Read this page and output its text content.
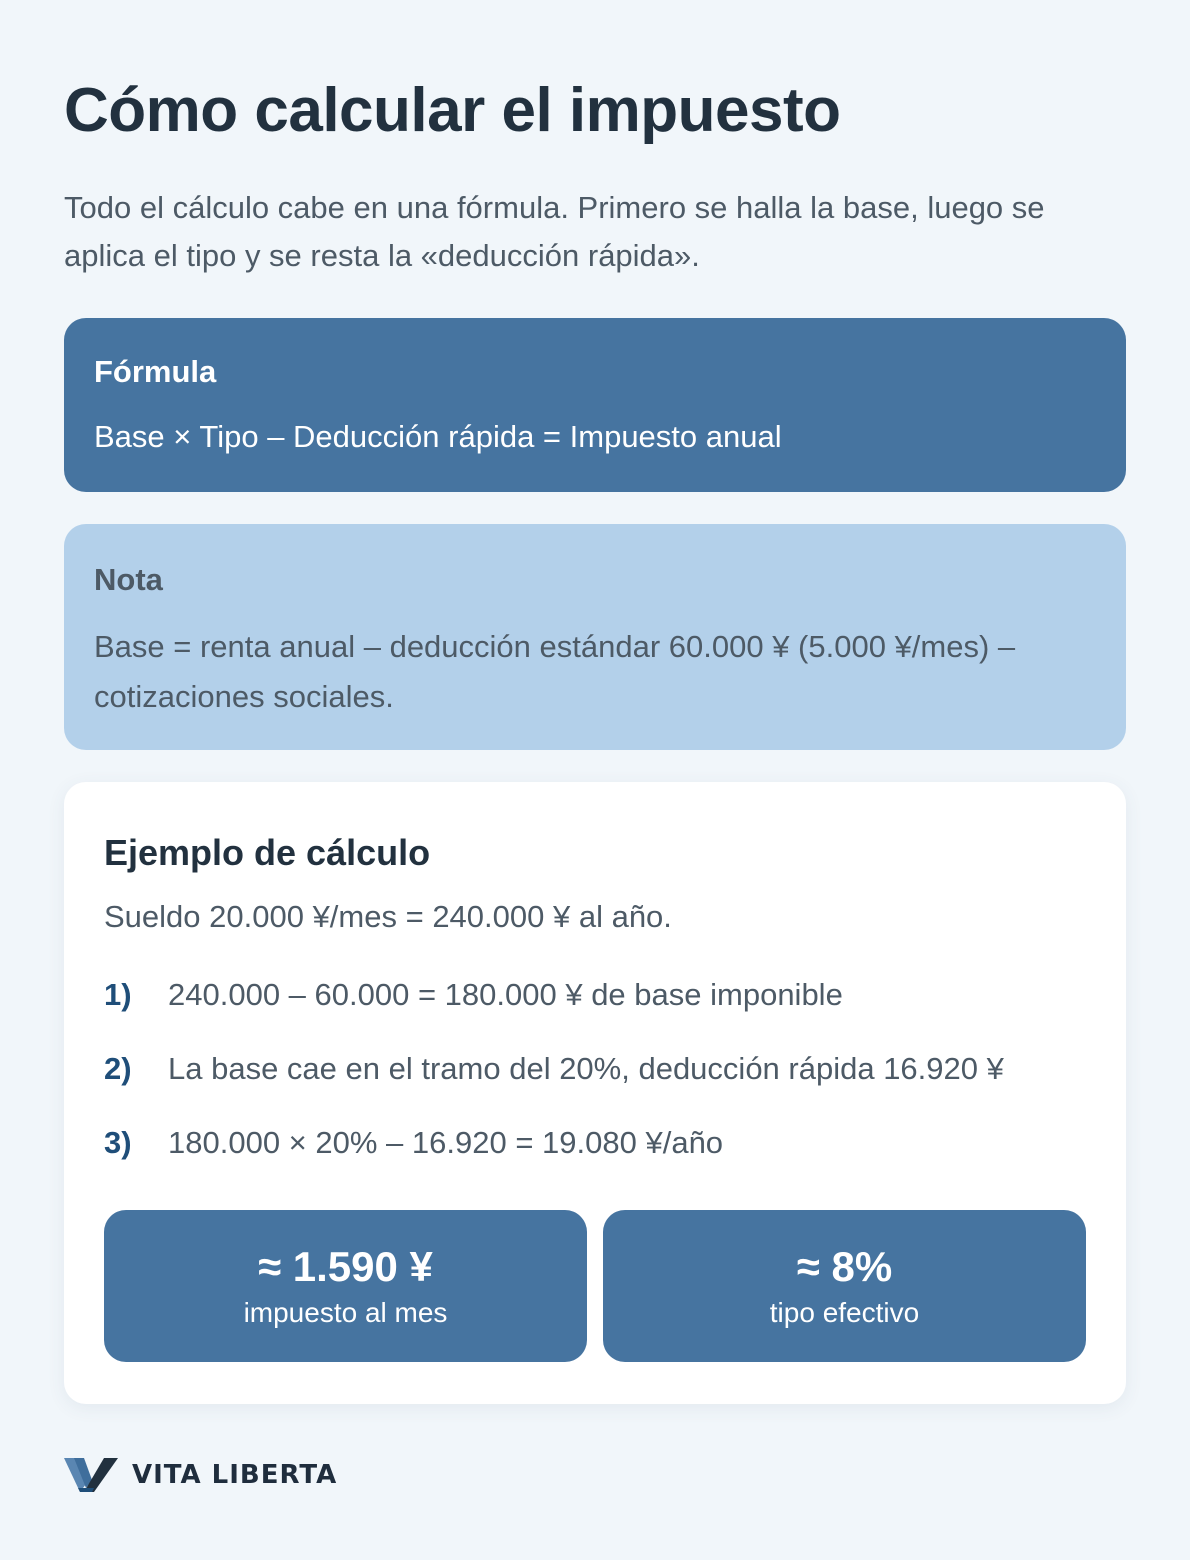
Cómo calcular el impuesto

Todo el cálculo cabe en una fórmula. Primero se halla la base, luego se aplica el tipo y se resta la «deducción rápida».

Fórmula
Base × Tipo – Deducción rápida = Impuesto anual
Nota
Base = renta anual – deducción estándar 60.000 ¥ (5.000 ¥/mes) – cotizaciones sociales.
Ejemplo de cálculo
Sueldo 20.000 ¥/mes = 240.000 ¥ al año.
1)	240.000 – 60.000 = 180.000 ¥ de base imponible
2)	La base cae en el tramo del 20%, deducción rápida 16.920 ¥
3)	180.000 × 20% – 16.920 = 19.080 ¥/año
≈ 1.590 ¥
impuesto al mes
≈ 8%
tipo efectivo
VITA LIBERTA
